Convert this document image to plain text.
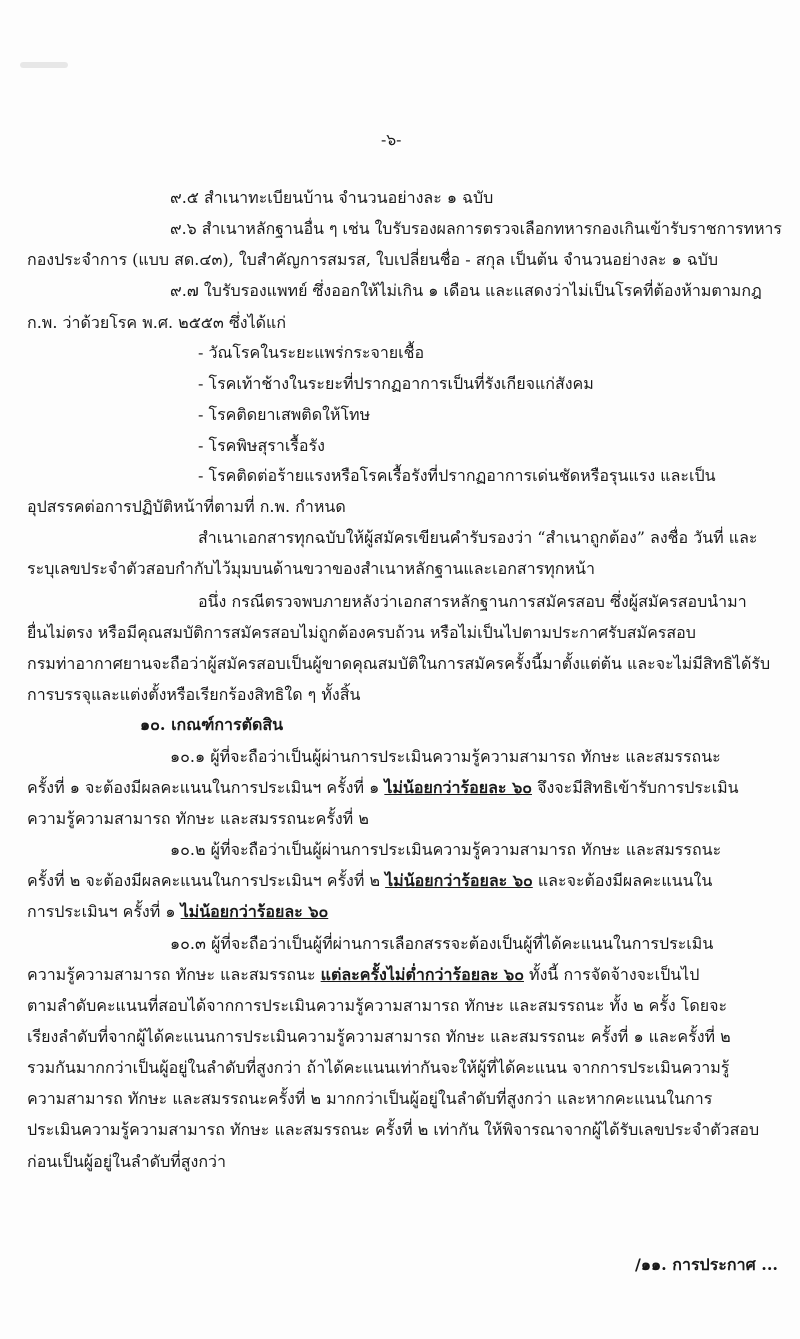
-๖-
๙.๕ สำเนาทะเบียนบ้าน จำนวนอย่างละ ๑ ฉบับ
๙.๖ สำเนาหลักฐานอื่น ๆ เช่น ใบรับรองผลการตรวจเลือกทหารกองเกินเข้ารับราชการทหาร
กองประจำการ (แบบ สด.๔๓), ใบสำคัญการสมรส, ใบเปลี่ยนชื่อ - สกุล เป็นต้น จำนวนอย่างละ ๑ ฉบับ
๙.๗ ใบรับรองแพทย์ ซึ่งออกให้ไม่เกิน ๑ เดือน และแสดงว่าไม่เป็นโรคที่ต้องห้ามตามกฎ
ก.พ. ว่าด้วยโรค พ.ศ. ๒๕๕๓ ซึ่งได้แก่
- วัณโรคในระยะแพร่กระจายเชื้อ
- โรคเท้าช้างในระยะที่ปรากฏอาการเป็นที่รังเกียจแก่สังคม
- โรคติดยาเสพติดให้โทษ
- โรคพิษสุราเรื้อรัง
- โรคติดต่อร้ายแรงหรือโรคเรื้อรังที่ปรากฏอาการเด่นชัดหรือรุนแรง และเป็น
อุปสรรคต่อการปฏิบัติหน้าที่ตามที่ ก.พ. กำหนด
สำเนาเอกสารทุกฉบับให้ผู้สมัครเขียนคำรับรองว่า “สำเนาถูกต้อง” ลงชื่อ วันที่ และ
ระบุเลขประจำตัวสอบกำกับไว้มุมบนด้านขวาของสำเนาหลักฐานและเอกสารทุกหน้า
อนึ่ง กรณีตรวจพบภายหลังว่าเอกสารหลักฐานการสมัครสอบ ซึ่งผู้สมัครสอบนำมา
ยื่นไม่ตรง หรือมีคุณสมบัติการสมัครสอบไม่ถูกต้องครบถ้วน หรือไม่เป็นไปตามประกาศรับสมัครสอบ
กรมท่าอากาศยานจะถือว่าผู้สมัครสอบเป็นผู้ขาดคุณสมบัติในการสมัครครั้งนี้มาตั้งแต่ต้น และจะไม่มีสิทธิได้รับ
การบรรจุและแต่งตั้งหรือเรียกร้องสิทธิใด ๆ ทั้งสิ้น
๑๐. เกณฑ์การตัดสิน
๑๐.๑ ผู้ที่จะถือว่าเป็นผู้ผ่านการประเมินความรู้ความสามารถ ทักษะ และสมรรถนะ
ครั้งที่ ๑ จะต้องมีผลคะแนนในการประเมินฯ ครั้งที่ ๑ ไม่น้อยกว่าร้อยละ ๖๐ จึงจะมีสิทธิเข้ารับการประเมิน
ความรู้ความสามารถ ทักษะ และสมรรถนะครั้งที่ ๒
๑๐.๒ ผู้ที่จะถือว่าเป็นผู้ผ่านการประเมินความรู้ความสามารถ ทักษะ และสมรรถนะ
ครั้งที่ ๒ จะต้องมีผลคะแนนในการประเมินฯ ครั้งที่ ๒ ไม่น้อยกว่าร้อยละ ๖๐ และจะต้องมีผลคะแนนใน
การประเมินฯ ครั้งที่ ๑ ไม่น้อยกว่าร้อยละ ๖๐
๑๐.๓ ผู้ที่จะถือว่าเป็นผู้ที่ผ่านการเลือกสรรจะต้องเป็นผู้ที่ได้คะแนนในการประเมิน
ความรู้ความสามารถ ทักษะ และสมรรถนะ แต่ละครั้งไม่ต่ำกว่าร้อยละ ๖๐ ทั้งนี้ การจัดจ้างจะเป็นไป
ตามลำดับคะแนนที่สอบได้จากการประเมินความรู้ความสามารถ ทักษะ และสมรรถนะ ทั้ง ๒ ครั้ง โดยจะ
เรียงลำดับที่จากผู้ได้คะแนนการประเมินความรู้ความสามารถ ทักษะ และสมรรถนะ ครั้งที่ ๑ และครั้งที่ ๒
รวมกันมากกว่าเป็นผู้อยู่ในลำดับที่สูงกว่า ถ้าได้คะแนนเท่ากันจะให้ผู้ที่ได้คะแนน จากการประเมินความรู้
ความสามารถ ทักษะ และสมรรถนะครั้งที่ ๒ มากกว่าเป็นผู้อยู่ในลำดับที่สูงกว่า และหากคะแนนในการ
ประเมินความรู้ความสามารถ ทักษะ และสมรรถนะ ครั้งที่ ๒ เท่ากัน ให้พิจารณาจากผู้ได้รับเลขประจำตัวสอบ
ก่อนเป็นผู้อยู่ในลำดับที่สูงกว่า
/๑๑. การประกาศ ...
